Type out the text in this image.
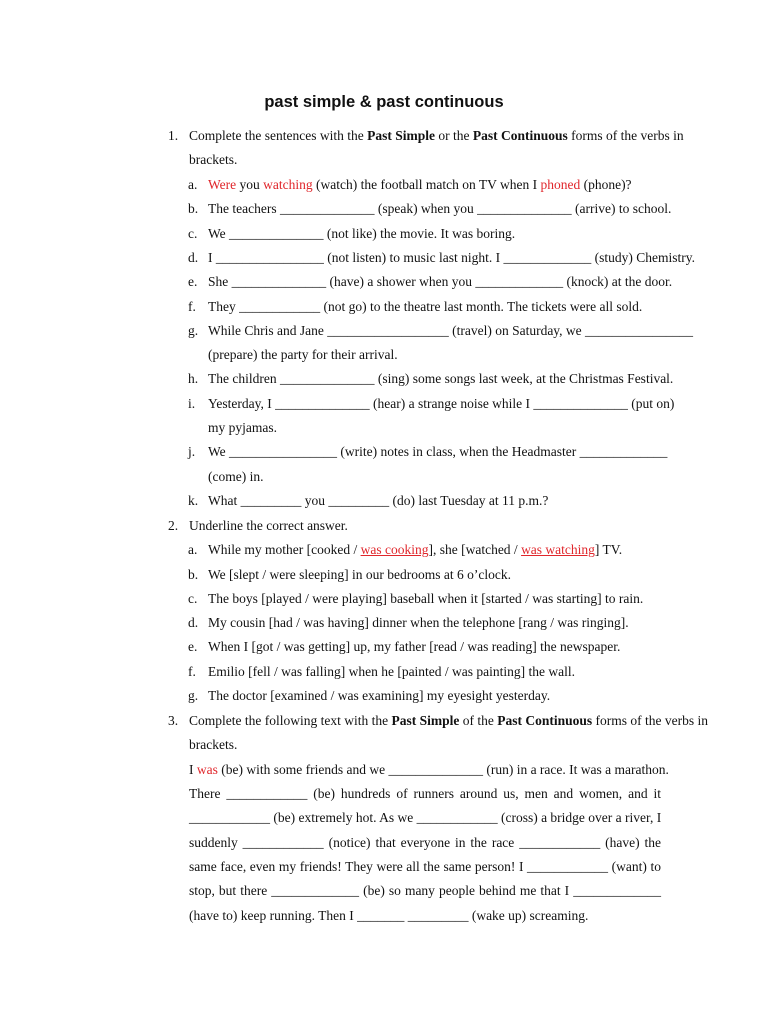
past simple & past continuous
1. Complete the sentences with the Past Simple or the Past Continuous forms of the verbs in
brackets.
a. Were you watching (watch) the football match on TV when I phoned (phone)?
b. The teachers ______________ (speak) when you ______________ (arrive) to school.
c. We ______________ (not like) the movie. It was boring.
d. I ________________ (not listen) to music last night. I _____________ (study) Chemistry.
e. She ______________ (have) a shower when you _____________ (knock) at the door.
f. They ____________ (not go) to the theatre last month. The tickets were all sold.
g. While Chris and Jane __________________ (travel) on Saturday, we ________________
(prepare) the party for their arrival.
h. The children ______________ (sing) some songs last week, at the Christmas Festival.
i. Yesterday, I ______________ (hear) a strange noise while I ______________ (put on)
my pyjamas.
j. We ________________ (write) notes in class, when the Headmaster _____________
(come) in.
k. What _________ you _________ (do) last Tuesday at 11 p.m.?
2. Underline the correct answer.
a. While my mother [cooked / was cooking], she [watched / was watching] TV.
b. We [slept / were sleeping] in our bedrooms at 6 o’clock.
c. The boys [played / were playing] baseball when it [started / was starting] to rain.
d. My cousin [had / was having] dinner when the telephone [rang / was ringing].
e. When I [got / was getting] up, my father [read / was reading] the newspaper.
f. Emilio [fell / was falling] when he [painted / was painting] the wall.
g. The doctor [examined / was examining] my eyesight yesterday.
3. Complete the following text with the Past Simple of the Past Continuous forms of the verbs in
brackets.
I was (be) with some friends and we ______________ (run) in a race. It was a marathon.
There ____________ (be) hundreds of runners around us, men and women, and it
____________ (be) extremely hot. As we ____________ (cross) a bridge over a river, I
suddenly ____________ (notice) that everyone in the race ____________ (have) the
same face, even my friends! They were all the same person! I ____________ (want) to
stop, but there _____________ (be) so many people behind me that I _____________
(have to) keep running. Then I _______ _________ (wake up) screaming.
